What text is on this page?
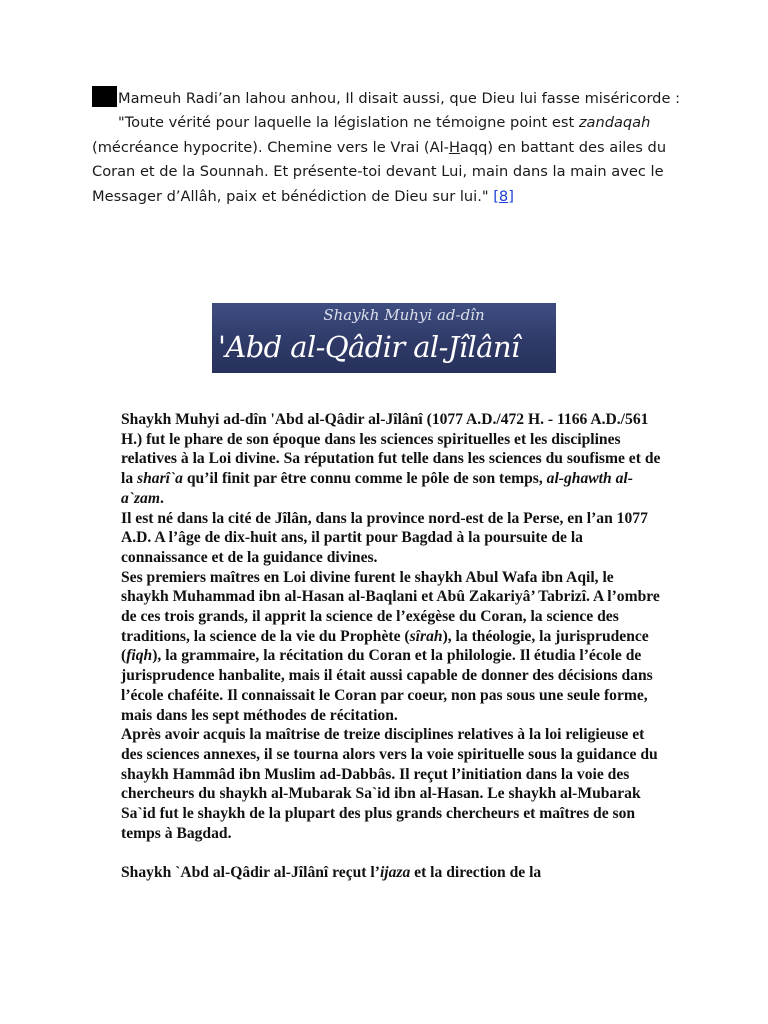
Mameuh Radi’an lahou anhou, Il disait aussi, que Dieu lui fasse miséricorde :
"Toute vérité pour laquelle la législation ne témoigne point est zandaqah (mécréance hypocrite). Chemine vers le Vrai (Al-Haqq) en battant des ailes du Coran et de la Sounnah. Et présente-toi devant Lui, main dans la main avec le Messager d’Allâh, paix et bénédiction de Dieu sur lui." [8]

Shaykh Muhyi ad-dîn
'Abd al-Qâdir al-Jîlânî

Shaykh Muhyi ad-dîn 'Abd al-Qâdir al-Jîlânî (1077 A.D./472 H. - 1166 A.D./561 H.) fut le phare de son époque dans les sciences spirituelles et les disciplines relatives à la Loi divine. Sa réputation fut telle dans les sciences du soufisme et de la sharî`a qu’il finit par être connu comme le pôle de son temps, al-ghawth al-a`zam.

Il est né dans la cité de Jîlân, dans la province nord-est de la Perse, en l’an 1077 A.D. A l’âge de dix-huit ans, il partit pour Bagdad à la poursuite de la connaissance et de la guidance divines.

Ses premiers maîtres en Loi divine furent le shaykh Abul Wafa ibn Aqil, le shaykh Muhammad ibn al-Hasan al-Baqlani et Abû Zakariyâ’ Tabrizî. A l’ombre de ces trois grands, il apprit la science de l’exégèse du Coran, la science des traditions, la science de la vie du Prophète (sîrah), la théologie, la jurisprudence (fiqh), la grammaire, la récitation du Coran et la philologie. Il étudia l’école de jurisprudence hanbalite, mais il était aussi capable de donner des décisions dans l’école chaféite. Il connaissait le Coran par coeur, non pas sous une seule forme, mais dans les sept méthodes de récitation.

Après avoir acquis la maîtrise de treize disciplines relatives à la loi religieuse et des sciences annexes, il se tourna alors vers la voie spirituelle sous la guidance du shaykh Hammâd ibn Muslim ad-Dabbâs. Il reçut l’initiation dans la voie des chercheurs du shaykh al-Mubarak Sa`id ibn al-Hasan. Le shaykh al-Mubarak Sa`id fut le shaykh de la plupart des plus grands chercheurs et maîtres de son temps à Bagdad.

Shaykh `Abd al-Qâdir al-Jîlânî reçut l’ijaza et la direction de la
